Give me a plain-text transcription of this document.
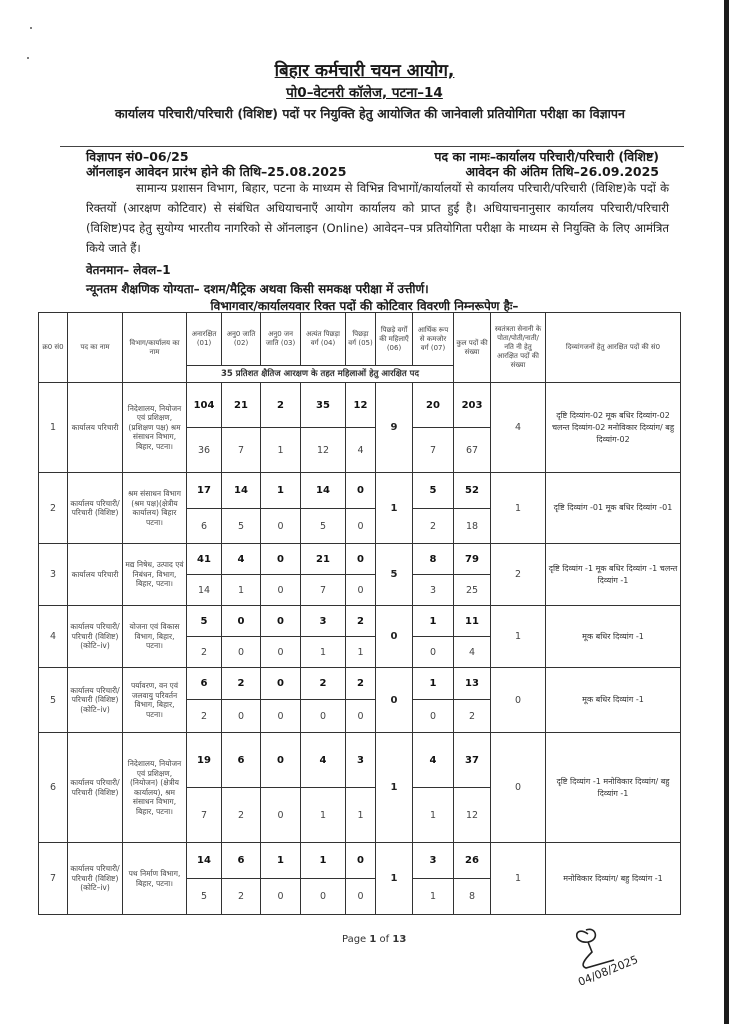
बिहार कर्मचारी चयन आयोग,
पो0–वेटनरी कॉलेज, पटना–14
कार्यालय परिचारी/परिचारी (विशिष्ट) पदों पर नियुक्ति हेतु आयोजित की जानेवाली प्रतियोगिता परीक्षा का विज्ञापन
विज्ञापन सं0–06/25	पद का नामः–कार्यालय परिचारी/परिचारी (विशिष्ट)
ऑनलाइन आवेदन प्रारंभ होने की तिथि–25.08.2025	आवेदन की अंतिम तिथि–26.09.2025
सामान्य प्रशासन विभाग, बिहार, पटना के माध्यम से विभिन्न विभागों/कार्यालयों से कार्यालय परिचारी/परिचारी (विशिष्ट)के पदों के रिक्तयों (आरक्षण कोटिवार) से संबंधित अधियाचनाएँ आयोग कार्यालय को प्राप्त हुई है। अधियाचनानुसार कार्यालय परिचारी/परिचारी (विशिष्ट)पद हेतु सुयोग्य भारतीय नागरिको से ऑनलाइन (Online) आवेदन–पत्र प्रतियोगिता परीक्षा के माध्यम से नियुक्ति के लिए आमंत्रित किये जाते हैं।
वेतनमान– लेवल–1
न्यूनतम शैक्षणिक योग्यता– दशम/मैट्रिक अथवा किसी समकक्ष परीक्षा में उत्तीर्ण।
विभागवार/कार्यालयवार रिक्त पदों की कोटिवार विवरणी निम्नरूपेण हैः–
क्र0 सं0	पद का नाम	विभाग/कार्यालय का नाम	अनारक्षित (01)	अनु0 जाति (02)	अनु0 जन जाति (03)	अत्यंत पिछड़ा वर्ग (04)	पिछड़ा वर्ग (05)	पिछड़े वर्गों की महिलाएँ (06)	आर्थिक रूप से कमजोर वर्ग (07)	कुल पदों की संख्या	स्वतंत्रता सेनानी के पोता/पोती/नाती/नति नी हेतु आरक्षित पदों की संख्या	दिव्यांगजनों हेतु आरक्षित पदों की सं0
			35 प्रतिशत क्षैतिज आरक्षण के तहत महिलाओं हेतु आरक्षित पद									
1	कार्यालय परिचारी	निदेशालय, नियोजन एवं प्रशिक्षण, (प्रशिक्षण पक्ष) श्रम संसाधन विभाग, बिहार, पटना।	104	21	2	35	12	9	20	203	4	दृष्टि दिव्यांग-02 मूक बधिर दिव्यांग-02 चलन्त दिव्यांग-02 मनोविकार दिव्यांग/ बहु दिव्यांग-02
			36	7	1	12	4		7	67		
2	कार्यालय परिचारी/ परिचारी (विशिष्ट)	श्रम संसाधन विभाग (श्रम पक्ष)(क्षेत्रीय कार्यालय) बिहार पटना।	17	14	1	14	0	1	5	52	1	दृष्टि दिव्यांग -01 मूक बधिर दिव्यांग -01
			6	5	0	5	0		2	18		
3	कार्यालय परिचारी	मद्य निषेध, उत्पाद एवं निबंधन, विभाग, बिहार, पटना।	41	4	0	21	0	5	8	79	2	दृष्टि दिव्यांग -1 मूक बधिर दिव्यांग -1 चलन्त दिव्यांग -1
			14	1	0	7	0		3	25		
4	कार्यालय परिचारी/ परिचारी (विशिष्ट) (कोटि–iv)	योजना एवं विकास विभाग, बिहार, पटना।	5	0	0	3	2	0	1	11	1	मूक बधिर दिव्यांग -1
			2	0	0	1	1		0	4		
5	कार्यालय परिचारी/ परिचारी (विशिष्ट) (कोटि–iv)	पर्यावरण, वन एवं जलवायु परिवर्तन विभाग, बिहार, पटना।	6	2	0	2	2	0	1	13	0	मूक बधिर दिव्यांग -1
			2	0	0	0	0		0	2		
6	कार्यालय परिचारी/ परिचारी (विशिष्ट)	निदेशालय, नियोजन एवं प्रशिक्षण, (नियोजन) (क्षेत्रीय कार्यालय), श्रम संसाधन विभाग, बिहार, पटना।	19	6	0	4	3	1	4	37	0	दृष्टि दिव्यांग -1 मनोविकार दिव्यांग/ बहु दिव्यांग -1
			7	2	0	1	1		1	12		
7	कार्यालय परिचारी/ परिचारी (विशिष्ट) (कोटि–iv)	पथ निर्माण विभाग, बिहार, पटना।	14	6	1	1	0	1	3	26	1	मनोविकार दिव्यांग/ बहु दिव्यांग -1
			5	2	0	0	0		1	8		
Page 1 of 13
04/08/2025
